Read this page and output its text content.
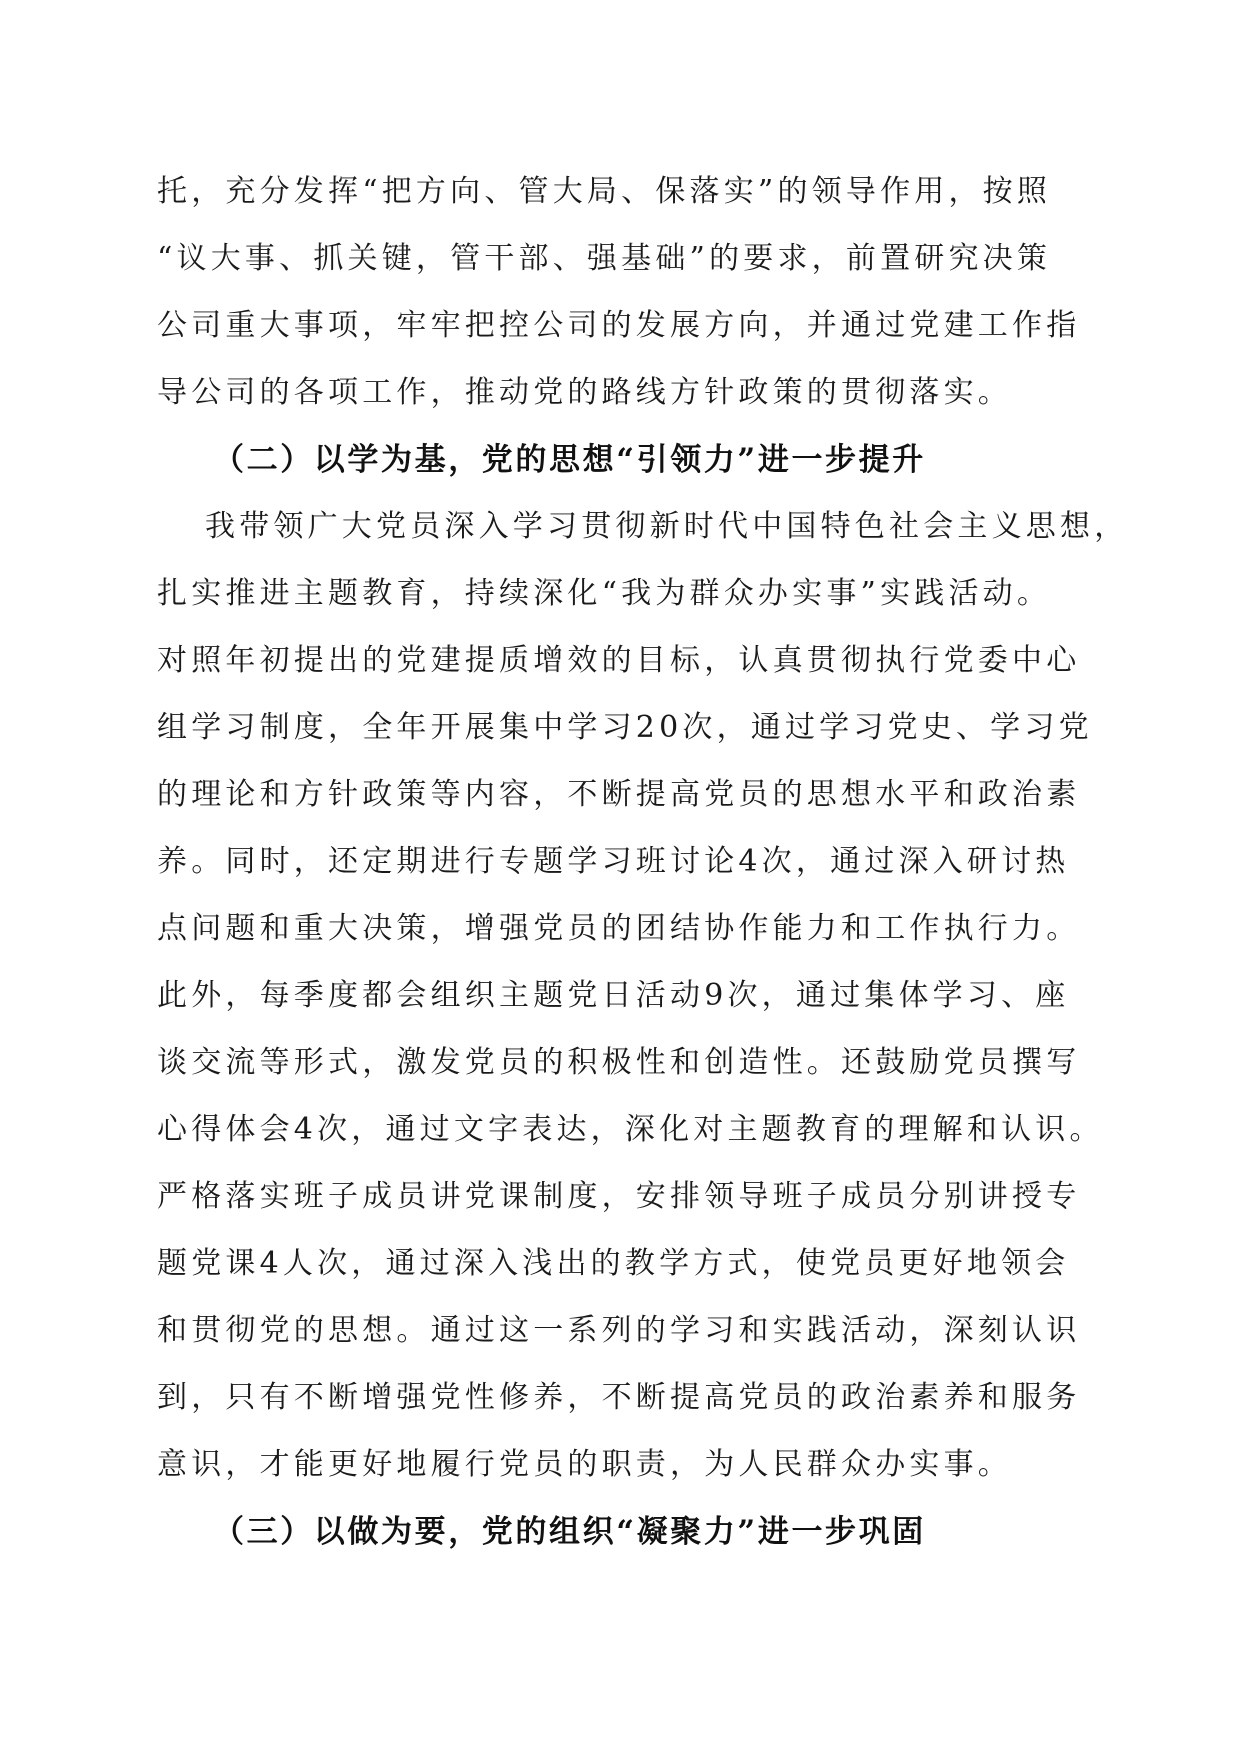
托，充分发挥“把方向、管大局、保落实”的领导作用，按照

“议大事、抓关键，管干部、强基础”的要求，前置研究决策

公司重大事项，牢牢把控公司的发展方向，并通过党建工作指

导公司的各项工作，推动党的路线方针政策的贯彻落实。

（二）以学为基，党的思想“引领力”进一步提升

我带领广大党员深入学习贯彻新时代中国特色社会主义思想，

扎实推进主题教育，持续深化“我为群众办实事”实践活动。

对照年初提出的党建提质增效的目标，认真贯彻执行党委中心

组学习制度，全年开展集中学习20次，通过学习党史、学习党

的理论和方针政策等内容，不断提高党员的思想水平和政治素

养。同时，还定期进行专题学习班讨论4次，通过深入研讨热

点问题和重大决策，增强党员的团结协作能力和工作执行力。

此外，每季度都会组织主题党日活动9次，通过集体学习、座

谈交流等形式，激发党员的积极性和创造性。还鼓励党员撰写

心得体会4次，通过文字表达，深化对主题教育的理解和认识。

严格落实班子成员讲党课制度，安排领导班子成员分别讲授专

题党课4人次，通过深入浅出的教学方式，使党员更好地领会

和贯彻党的思想。通过这一系列的学习和实践活动，深刻认识

到，只有不断增强党性修养，不断提高党员的政治素养和服务

意识，才能更好地履行党员的职责，为人民群众办实事。

（三）以做为要，党的组织“凝聚力”进一步巩固
